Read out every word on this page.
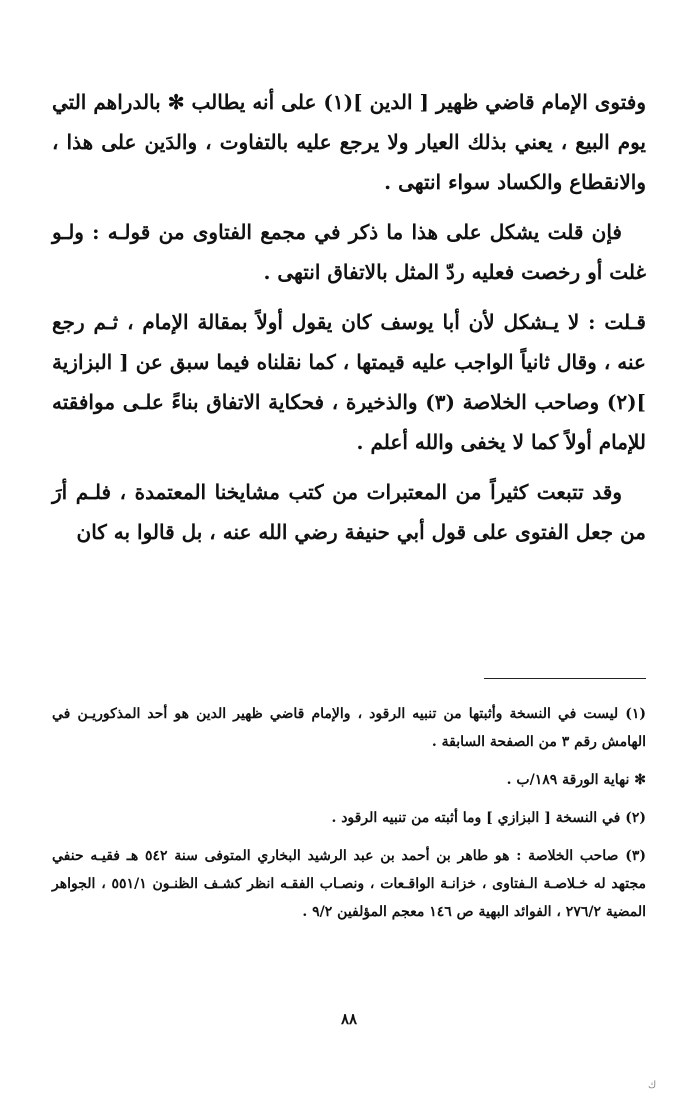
وفتوى الإمام قاضي ظهير [ الدين ](١) على أنه يطالب ✻ بالدراهم التي يوم البيع ، يعني بذلك العيار ولا يرجع عليه بالتفاوت ، والدَين على هذا ، والانقطاع والكساد سواء انتهى .

فإن قلت يشكل على هذا ما ذكر في مجمع الفتاوى من قولـه : ولـو غلت أو رخصت فعليه ردّ المثل بالاتفاق انتهى .

قـلت : لا يـشكل لأن أبا يوسف كان يقول أولاً بمقالة الإمام ، ثـم رجع عنه ، وقال ثانياً الواجب عليه قيمتها ، كما نقلناه فيما سبق عن [ البزازية ](٢) وصاحب الخلاصة (٣) والذخيرة ، فحكاية الاتفاق بناءً علـى موافقته للإمام أولاً كما لا يخفى والله أعلم .

وقد تتبعت كثيراً من المعتبرات من كتب مشايخنا المعتمدة ، فلـم أرَ من جعل الفتوى على قول أبي حنيفة رضي الله عنه ، بل قالوا به كان

(١) ليست في النسخة وأثبتها من تنبيه الرقود ، والإمام قاضي ظهير الدين هو أحد المذكوريـن في الهامش رقم ٣ من الصفحة السابقة .

✻ نهاية الورقة ١٨٩/ب .

(٢) في النسخة [ البزازي ] وما أثبته من تنبيه الرقود .

(٣) صاحب الخلاصة : هو طاهر بن أحمد بن عبد الرشيد البخاري المتوفى سنة ٥٤٢ هـ فقيـه حنفي مجتهد له خـلاصـة الـفتاوى ، خزانـة الواقـعات ، ونصـاب الفقـه انظر كشـف الظنـون ٥٥١/١ ، الجواهر المضية ٢٧٦/٢ ، الفوائد البهية ص ١٤٦ معجم المؤلفين ٩/٢ .

٨٨
ﻙ
